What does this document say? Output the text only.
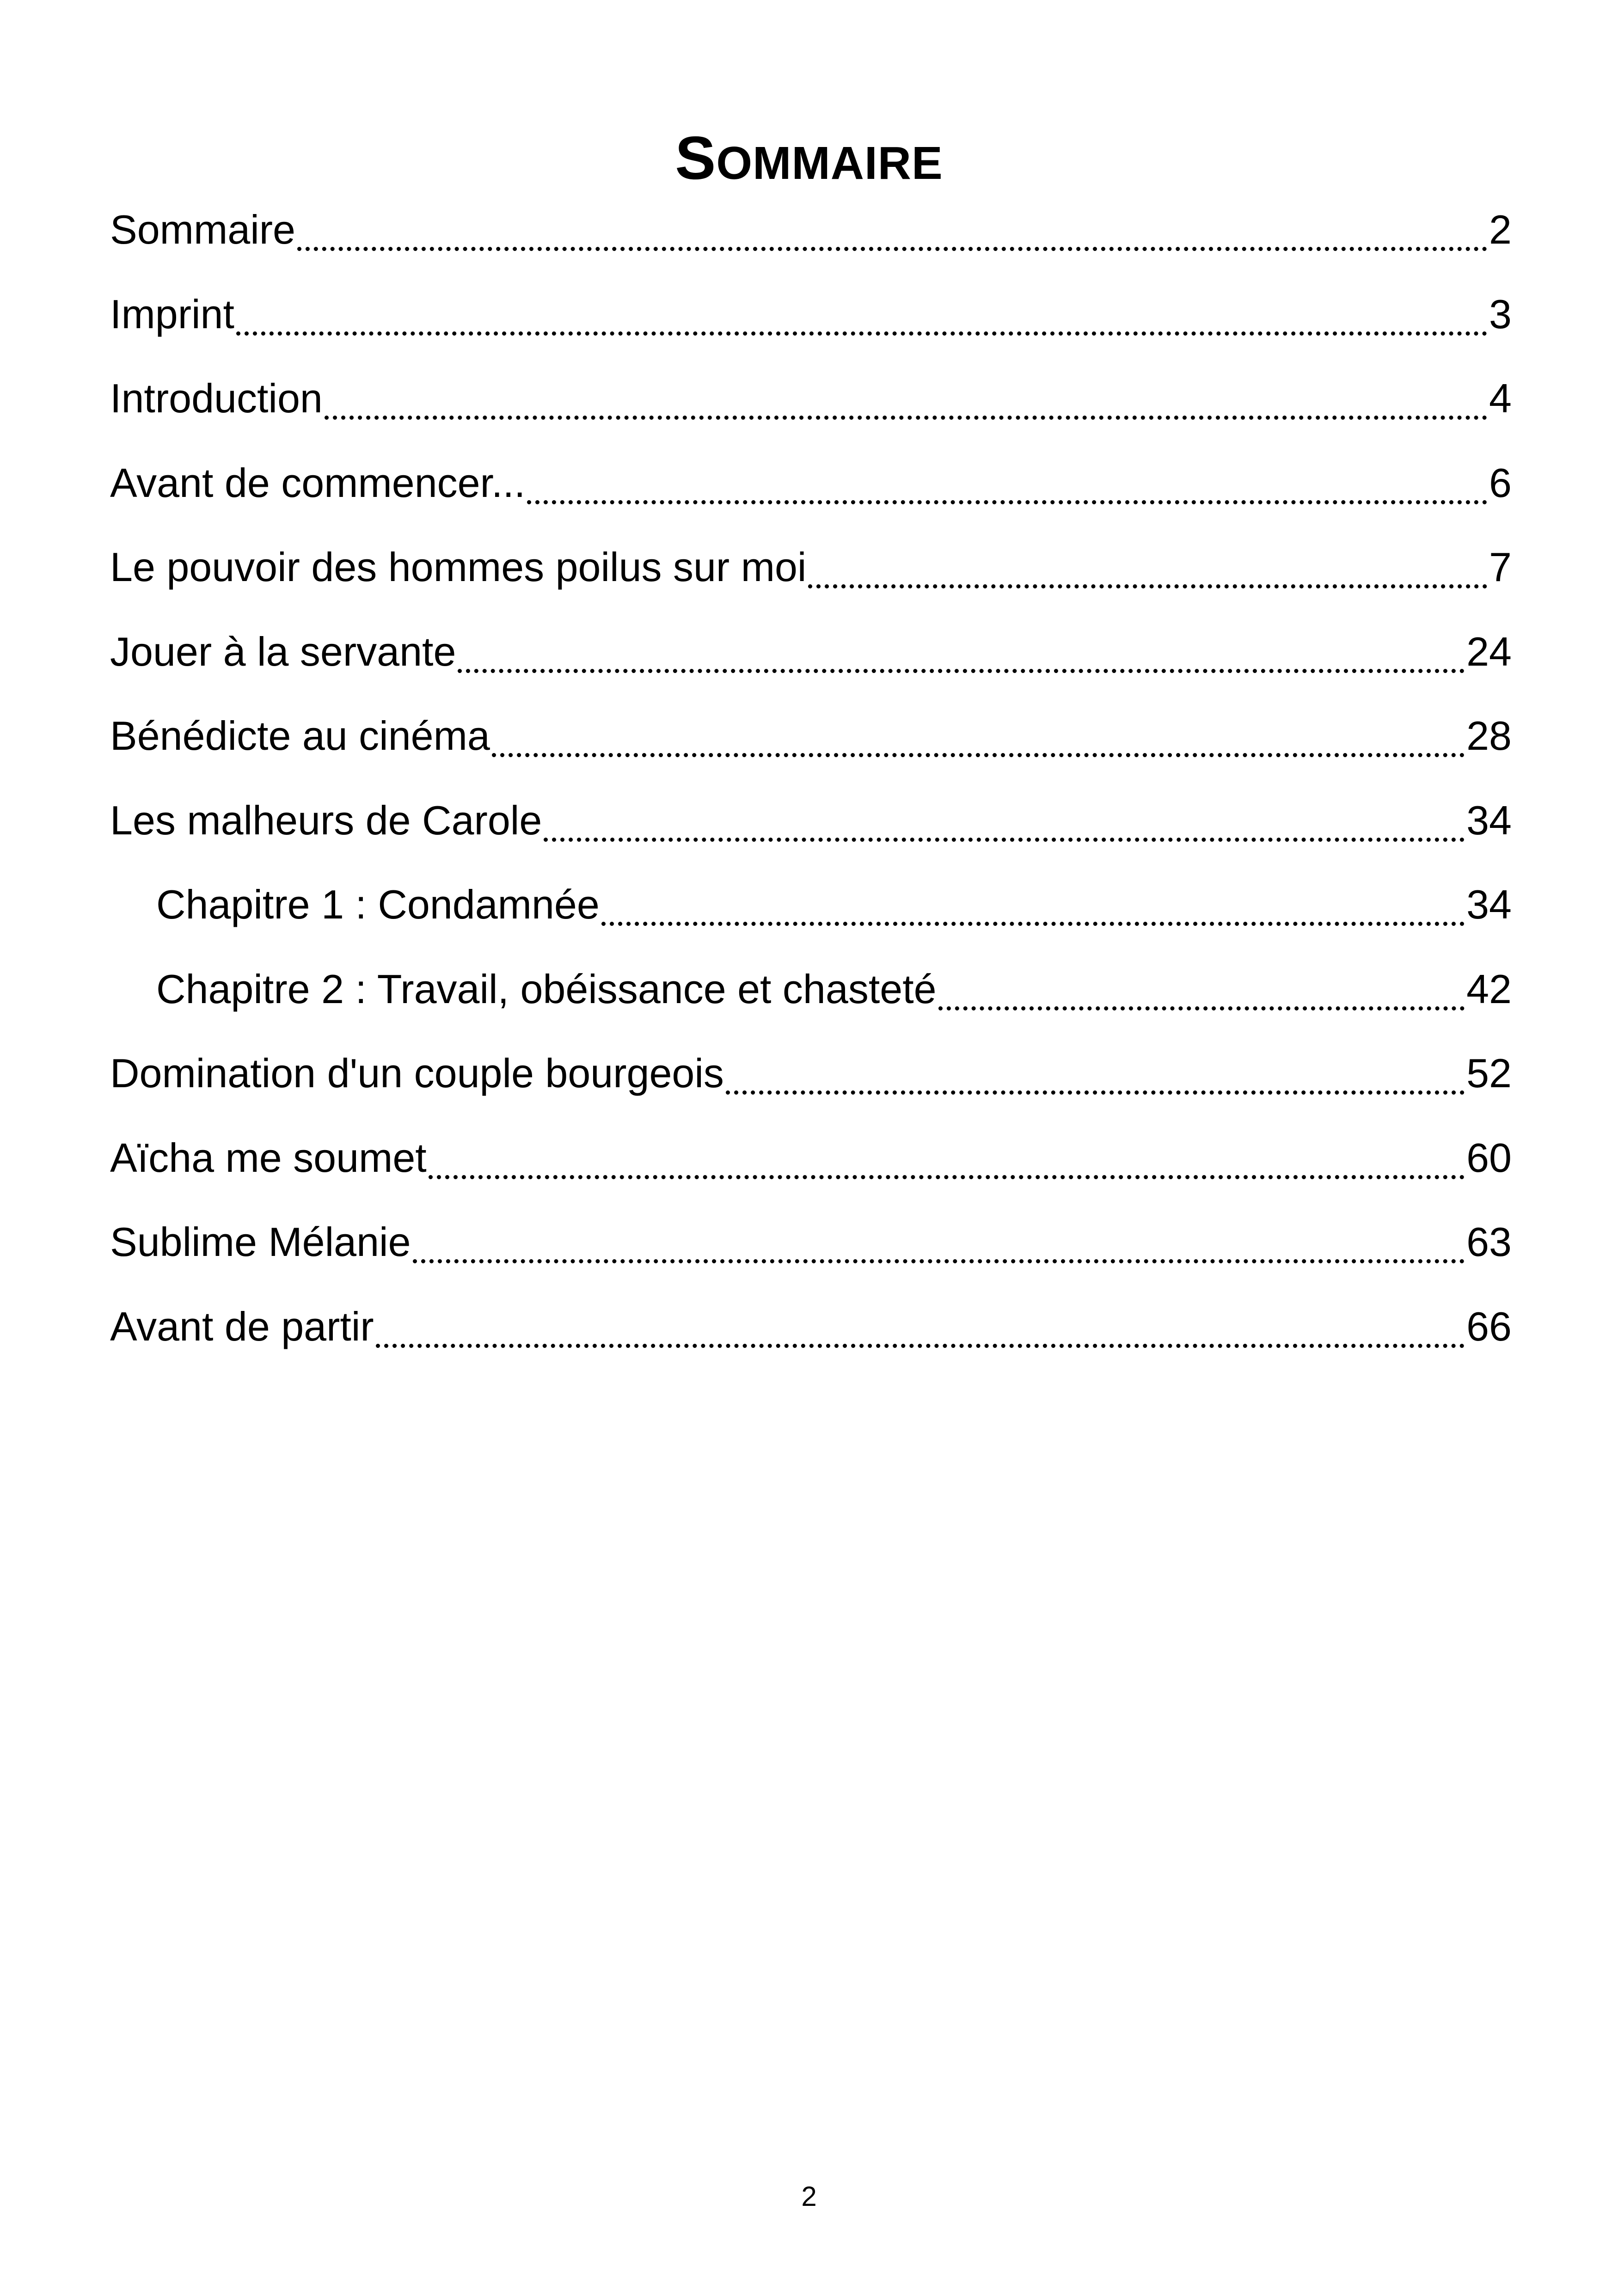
SOMMAIRE
Sommaire	2
Imprint	3
Introduction	4
Avant de commencer...	6
Le pouvoir des hommes poilus sur moi	7
Jouer à la servante	24
Bénédicte au cinéma	28
Les malheurs de Carole	34
Chapitre 1 : Condamnée	34
Chapitre 2 : Travail, obéissance et chasteté	42
Domination d'un couple bourgeois	52
Aïcha me soumet	60
Sublime Mélanie	63
Avant de partir	66
2
